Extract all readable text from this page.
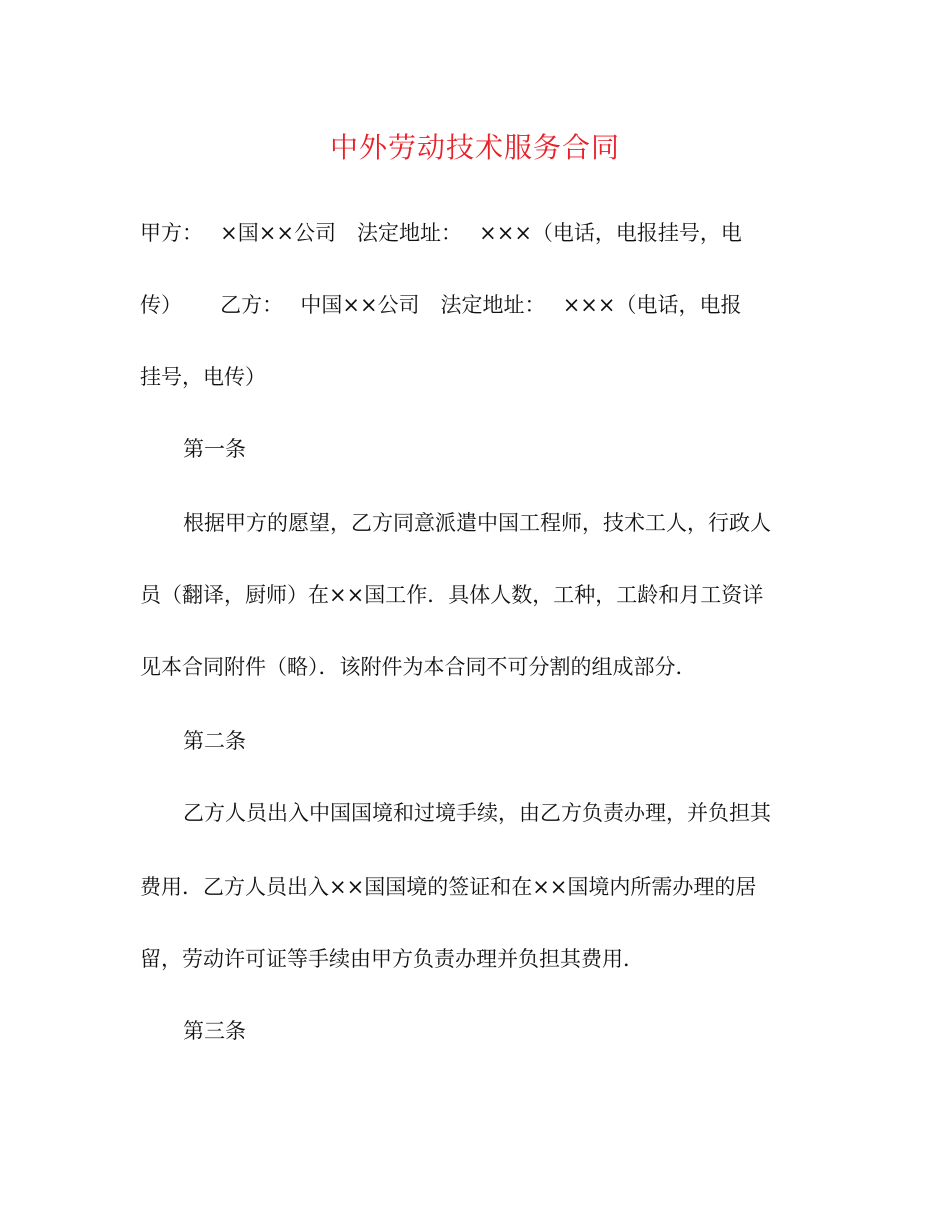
中外劳动技术服务合同
甲方：　 ×国××公司　法定地址：　 ×××（电话，电报挂号，电
传）　　 乙方：　 中国××公司　法定地址：　 ×××（电话，电报
挂号，电传）
第一条
根据甲方的愿望，乙方同意派遣中国工程师，技术工人，行政人
员（翻译，厨师）在××国工作．具体人数，工种，工龄和月工资详
见本合同附件（略）．该附件为本合同不可分割的组成部分．
第二条
乙方人员出入中国国境和过境手续，由乙方负责办理，并负担其
费用．乙方人员出入××国国境的签证和在××国境内所需办理的居
留，劳动许可证等手续由甲方负责办理并负担其费用．
第三条
